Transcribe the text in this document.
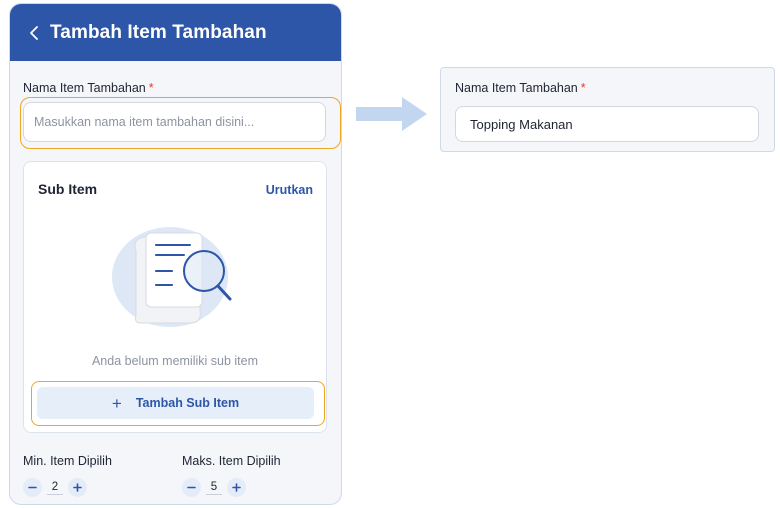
Tambah Item Tambahan
Nama Item Tambahan *
Masukkan nama item tambahan disini...
Sub Item	Urutkan
Anda belum memiliki sub item
+ Tambah Sub Item
Min. Item Dipilih	Maks. Item Dipilih
2	5
Nama Item Tambahan *
Topping Makanan
